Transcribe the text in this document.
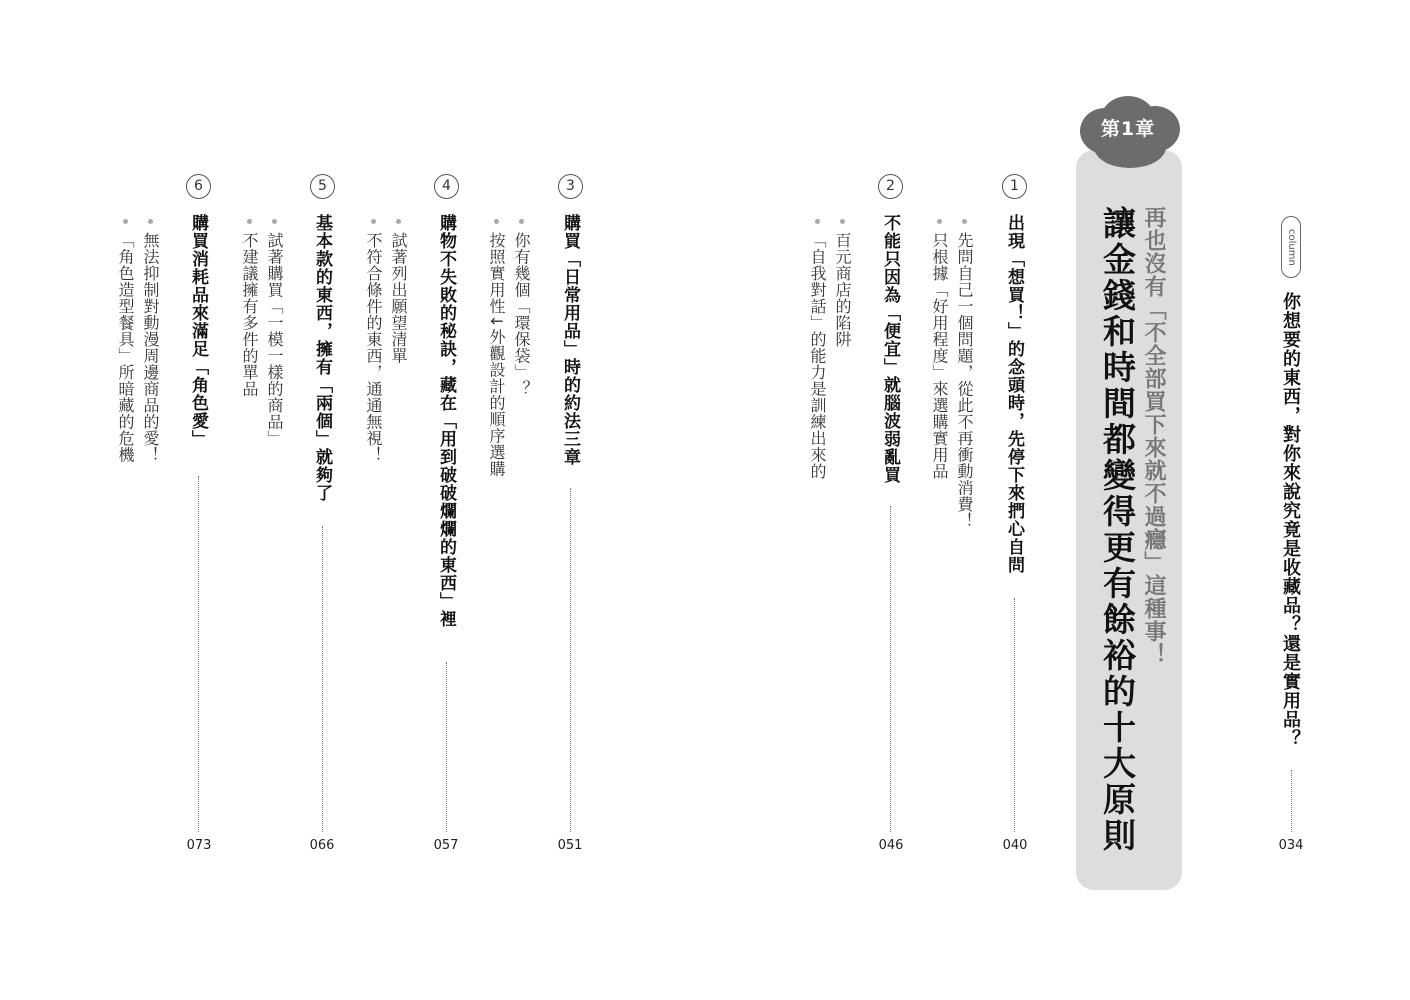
column
你想要的東西，對你來說究竟是收藏品？還是實用品？
034
第1章
再也沒有「不全部買下來就不過癮」這種事！
讓金錢和時間都變得更有餘裕的十大原則
1
出現「想買！」的念頭時，先停下來捫心自問
先問自己一個問題，從此不再衝動消費！
只根據「好用程度」來選購實用品
040
2
不能只因為「便宜」就腦波弱亂買
百元商店的陷阱
「自我對話」的能力是訓練出來的
046
3
購買「日常用品」時的約法三章
你有幾個「環保袋」？
按照實用性↓外觀設計的順序選購
051
4
購物不失敗的秘訣，藏在「用到破破爛爛的東西」裡
試著列出願望清單
不符合條件的東西，通通無視！
057
5
基本款的東西，擁有「兩個」就夠了
試著購買「一模一樣的商品」
不建議擁有多件的單品
066
6
購買消耗品來滿足「角色愛」
無法抑制對動漫周邊商品的愛！
「角色造型餐具」所暗藏的危機
073
